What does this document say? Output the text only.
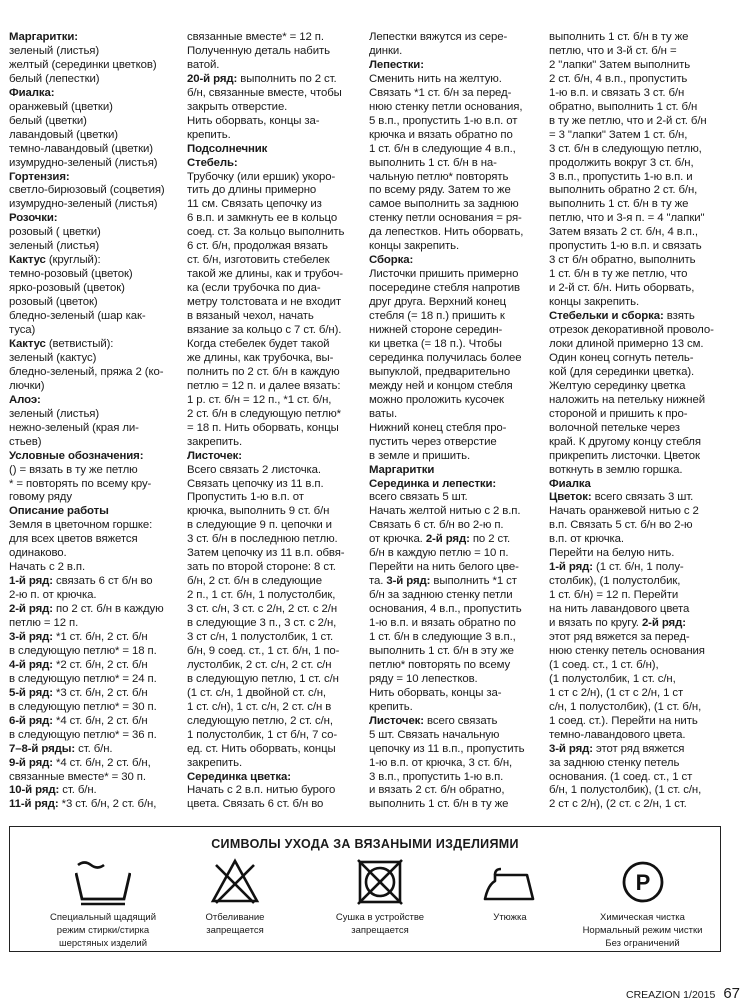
Маргаритки:

зеленый (листья)

желтый (серединки цветков)

белый (лепестки)

Фиалка:

оранжевый (цветки)

белый (цветки)

лавандовый (цветки)

темно-лавандовый (цветки)

изумрудно-зеленый (листья)

Гортензия:

светло-бирюзовый (соцветия)

изумрудно-зеленый (листья)

Розочки:

розовый ( цветки)

зеленый (листья)

Кактус (круглый):

темно-розовый (цветок)

ярко-розовый (цветок)

розовый (цветок)

бледно-зеленый (шар как-

туса)

Кактус (ветвистый):

зеленый (кактус)

бледно-зеленый, пряжа 2 (ко-

лючки)

Алоэ:

зеленый (листья)

нежно-зеленый (края ли-

стьев)

Условные обозначения:

() = вязать в ту же петлю

* = повторять по всему кру-

говому ряду

Описание работы

Земля в цветочном горшке:

для всех цветов вяжется

одинаково.

Начать с 2 в.п.

1-й ряд: связать 6 ст б/н во

2-ю п. от крючка.

2-й ряд: по 2 ст. б/н в каждую

петлю = 12 п.

3-й ряд: *1 ст. б/н, 2 ст. б/н

в следующую петлю* = 18 п.

4-й ряд: *2 ст. б/н, 2 ст. б/н

в следующую петлю* = 24 п.

5-й ряд: *3 ст. б/н, 2 ст. б/н

в следующую петлю* = 30 п.

6-й ряд: *4 ст. б/н, 2 ст. б/н

в следующую петлю* = 36 п.

7–8-й ряды: ст. б/н.

9-й ряд: *4 ст. б/н, 2 ст. б/н,

связанные вместе* = 30 п.

10-й ряд: ст. б/н.

11-й ряд: *3 ст. б/н, 2 ст. б/н,

связанные вместе* = 12 п.

Полученную деталь набить

ватой.

20-й ряд: выполнить по 2 ст.

б/н, связанные вместе, чтобы

закрыть отверстие.

Нить оборвать, концы за-

крепить.

Подсолнечник

Стебель:

Трубочку (или ершик) укоро-

тить до длины примерно

11 см. Связать цепочку из

6 в.п. и замкнуть ее в кольцо

соед. ст. За кольцо выполнить

6 ст. б/н, продолжая вязать

ст. б/н, изготовить стебелек

такой же длины, как и трубоч-

ка (если трубочка по диа-

метру толстовата и не входит

в вязаный чехол, начать

вязание за кольцо с 7 ст. б/н).

Когда стебелек будет такой

же длины, как трубочка, вы-

полнить по 2 ст. б/н в каждую

петлю = 12 п. и далее вязать:

1 р. ст. б/н = 12 п., *1 ст. б/н,

2 ст. б/н в следующую петлю*

= 18 п. Нить оборвать, концы

закрепить.

Листочек:

Всего связать 2 листочка.

Связать цепочку из 11 в.п.

Пропустить 1-ю в.п. от

крючка, выполнить 9 ст. б/н

в следующие 9 п. цепочки и

3 ст. б/н в последнюю петлю.

Затем цепочку из 11 в.п. обвя-

зать по второй стороне: 8 ст.

б/н, 2 ст. б/н в следующие

2 п., 1 ст. б/н, 1 полустолбик,

3 ст. с/н, 3 ст. с 2/н, 2 ст. с 2/н

в следующие 3 п., 3 ст. с 2/н,

3 ст с/н, 1 полустолбик, 1 ст.

б/н, 9 соед. ст., 1 ст. б/н, 1 по-

лустолбик, 2 ст. с/н, 2 ст. с/н

в следующую петлю, 1 ст. с/н

(1 ст. с/н, 1 двойной ст. с/н,

1 ст. с/н), 1 ст. с/н, 2 ст. с/н в

следующую петлю, 2 ст. с/н,

1 полустолбик, 1 ст б/н, 7 со-

ед. ст. Нить оборвать, концы

закрепить.

Серединка цветка:

Начать с 2 в.п. нитью бурого

цвета. Связать 6 ст. б/н во

Лепестки вяжутся из сере-

динки.

Лепестки:

Сменить нить на желтую.

Связать *1 ст. б/н за перед-

нюю стенку петли основания,

5 в.п., пропустить 1-ю в.п. от

крючка и вязать обратно по

1 ст. б/н в следующие 4 в.п.,

выполнить 1 ст. б/н в на-

чальную петлю* повторять

по всему ряду. Затем то же

самое выполнить за заднюю

стенку петли основания = ря-

да лепестков. Нить оборвать,

концы закрепить.

Сборка:

Листочки пришить примерно

посередине стебля напротив

друг друга. Верхний конец

стебля (= 18 п.) пришить к

нижней стороне середин-

ки цветка (= 18 п.). Чтобы

серединка получилась более

выпуклой, предварительно

между ней и концом стебля

можно проложить кусочек

ваты.

Нижний конец стебля про-

пустить через отверстие

в земле и пришить.

Маргаритки

Серединка и лепестки:

всего связать 5 шт.

Начать желтой нитью с 2 в.п.

Связать 6 ст. б/н во 2-ю п.

от крючка. 2-й ряд: по 2 ст.

б/н в каждую петлю = 10 п.

Перейти на нить белого цве-

та. 3-й ряд: выполнить *1 ст

б/н за заднюю стенку петли

основания, 4 в.п., пропустить

1-ю в.п. и вязать обратно по

1 ст. б/н в следующие 3 в.п.,

выполнить 1 ст. б/н в эту же

петлю* повторять по всему

ряду = 10 лепестков.

Нить оборвать, концы за-

крепить.

Листочек: всего связать

5 шт. Связать начальную

цепочку из 11 в.п., пропустить

1-ю в.п. от крючка, 3 ст. б/н,

3 в.п., пропустить 1-ю в.п.

и вязать 2 ст. б/н обратно,

выполнить 1 ст. б/н в ту же

выполнить 1 ст. б/н в ту же

петлю, что и 3-й ст. б/н =

2 "лапки" Затем выполнить

2 ст. б/н, 4 в.п., пропустить

1-ю в.п. и связать 3 ст. б/н

обратно, выполнить 1 ст. б/н

в ту же петлю, что и 2-й ст. б/н

= 3 "лапки" Затем 1 ст. б/н,

3 ст. б/н в следующую петлю,

продолжить вокруг 3 ст. б/н,

3 в.п., пропустить 1-ю в.п. и

выполнить обратно 2 ст. б/н,

выполнить 1 ст. б/н в ту же

петлю, что и 3-я п. = 4 "лапки"

Затем вязать 2 ст. б/н, 4 в.п.,

пропустить 1-ю в.п. и связать

3 ст б/н обратно, выполнить

1 ст. б/н в ту же петлю, что

и 2-й ст. б/н. Нить оборвать,

концы закрепить.

Стебельки и сборка: взять

отрезок декоративной проволо-

локи длиной примерно 13 см.

Один конец согнуть петель-

кой (для серединки цветка).

Желтую серединку цветка

наложить на петельку нижней

стороной и пришить к про-

волочной петельке через

край. К другому концу стебля

прикрепить листочки. Цветок

воткнуть в землю горшка.

Фиалка

Цветок: всего связать 3 шт.

Начать оранжевой нитью с 2

в.п. Связать 5 ст. б/н во 2-ю

в.п. от крючка.

Перейти на белую нить.

1-й ряд: (1 ст. б/н, 1 полу-

столбик), (1 полустолбик,

1 ст. б/н) = 12 п. Перейти

на нить лавандового цвета

и вязать по кругу. 2-й ряд:

этот ряд вяжется за перед-

нюю стенку петель основания

(1 соед. ст., 1 ст. б/н),

(1 полустолбик, 1 ст. с/н,

1 ст с 2/н), (1 ст с 2/н, 1 ст

с/н, 1 полустолбик), (1 ст. б/н,

1 соед. ст.). Перейти на нить

темно-лавандового цвета.

3-й ряд: этот ряд вяжется

за заднюю стенку петель

основания. (1 соед. ст., 1 ст

б/н, 1 полустолбик), (1 ст. с/н,

2 ст с 2/н), (2 ст. с 2/н, 1 ст.

СИМВОЛЫ УХОДА ЗА ВЯЗАНЫМИ ИЗДЕЛИЯМИ
Специальный щадящий
режим стирки/стирка
шерстяных изделий
Отбеливание
запрещается
Сушка в устройстве
запрещается
Утюжка
P
Химическая чистка
Нормальный режим чистки
Без ограничений
CREAZION 1/2015 67
